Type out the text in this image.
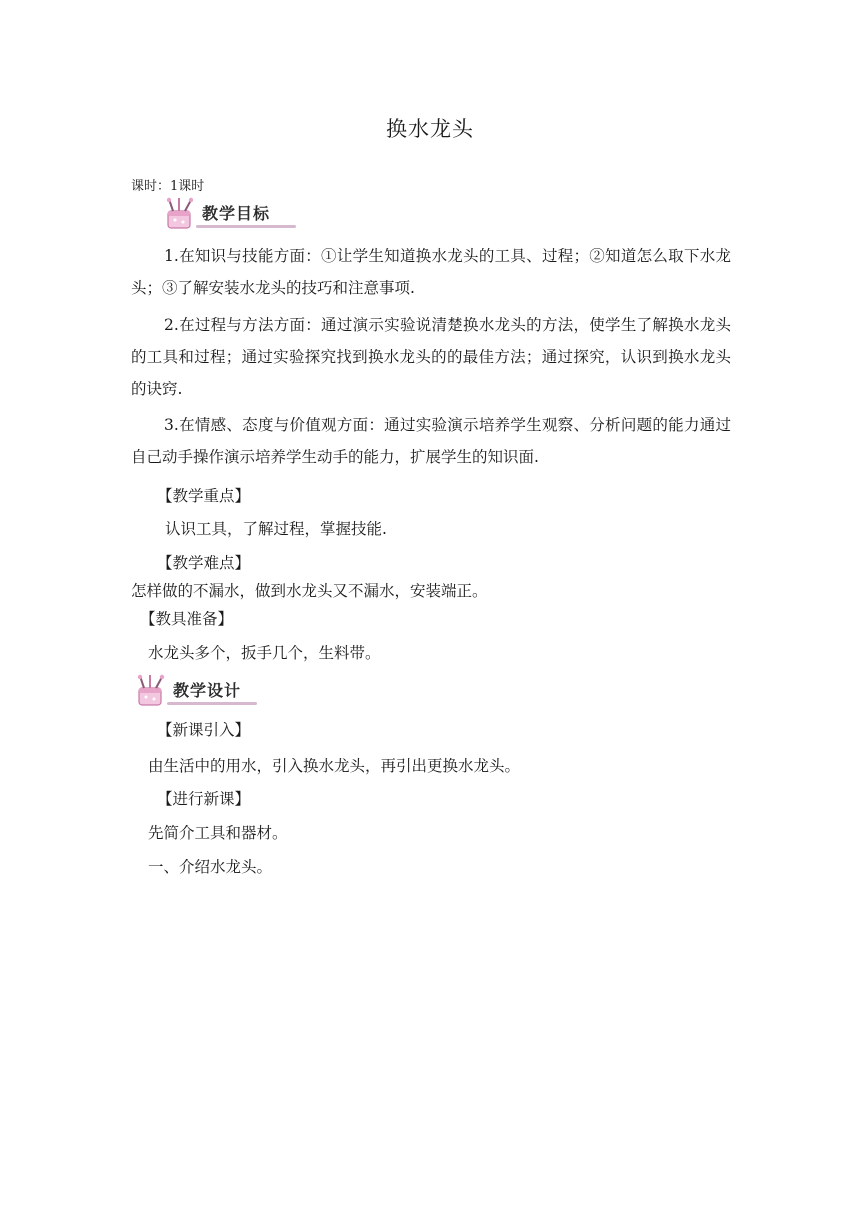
换水龙头
课时：1课时
教学目标
1.在知识与技能方面：①让学生知道换水龙头的工具、过程；②知道怎么取下水龙头；③了解安装水龙头的技巧和注意事项.
2.在过程与方法方面：通过演示实验说清楚换水龙头的方法，使学生了解换水龙头的工具和过程；通过实验探究找到换水龙头的的最佳方法；通过探究，认识到换水龙头的诀窍.
3.在情感、态度与价值观方面：通过实验演示培养学生观察、分析问题的能力通过自己动手操作演示培养学生动手的能力，扩展学生的知识面.
【教学重点】
认识工具，了解过程，掌握技能.
【教学难点】
怎样做的不漏水，做到水龙头又不漏水，安装端正。
【教具准备】
水龙头多个，扳手几个，生料带。
教学设计
【新课引入】
由生活中的用水，引入换水龙头，再引出更换水龙头。
【进行新课】
先简介工具和器材。
一、介绍水龙头。
